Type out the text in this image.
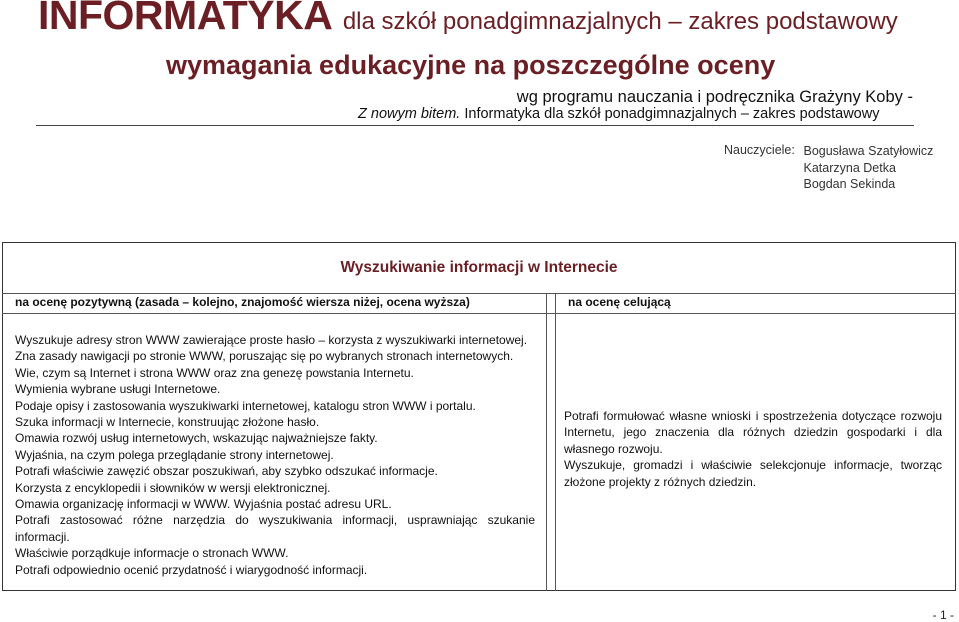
INFORMATYKA dla szkół ponadgimnazjalnych – zakres podstawowy
wymagania edukacyjne na poszczególne oceny
wg programu nauczania i podręcznika Grażyny Koby -
Z nowym bitem. Informatyka dla szkół ponadgimnazjalnych – zakres podstawowy
Nauczyciele: Bogusława Szatyłowicz
Katarzyna Detka
Bogdan Sekinda
Wyszukiwanie informacji w Internecie
na ocenę pozytywną (zasada – kolejno, znajomość wiersza niżej, ocena wyższa)	na ocenę celującą
Wyszukuje adresy stron WWW zawierające proste hasło – korzysta z wyszukiwarki internetowej.
Zna zasady nawigacji po stronie WWW, poruszając się po wybranych stronach internetowych.
Wie, czym są Internet i strona WWW oraz zna genezę powstania Internetu.
Wymienia wybrane usługi Internetowe.
Podaje opisy i zastosowania wyszukiwarki internetowej, katalogu stron WWW i portalu.
Szuka informacji w Internecie, konstruując złożone hasło.
Omawia rozwój usług internetowych, wskazując najważniejsze fakty.
Wyjaśnia, na czym polega przeglądanie strony internetowej.
Potrafi właściwie zawęzić obszar poszukiwań, aby szybko odszukać informacje.
Korzysta z encyklopedii i słowników w wersji elektronicznej.
Omawia organizację informacji w WWW. Wyjaśnia postać adresu URL.
Potrafi zastosować różne narzędzia do wyszukiwania informacji, usprawniając szukanie informacji.
Właściwie porządkuje informacje o stronach WWW.
Potrafi odpowiednio ocenić przydatność i wiarygodność informacji.
Potrafi formułować własne wnioski i spostrzeżenia dotyczące rozwoju Internetu, jego znaczenia dla różnych dziedzin gospodarki i dla własnego rozwoju.
Wyszukuje, gromadzi i właściwie selekcjonuje informacje, tworząc złożone projekty z różnych dziedzin.
- 1 -
